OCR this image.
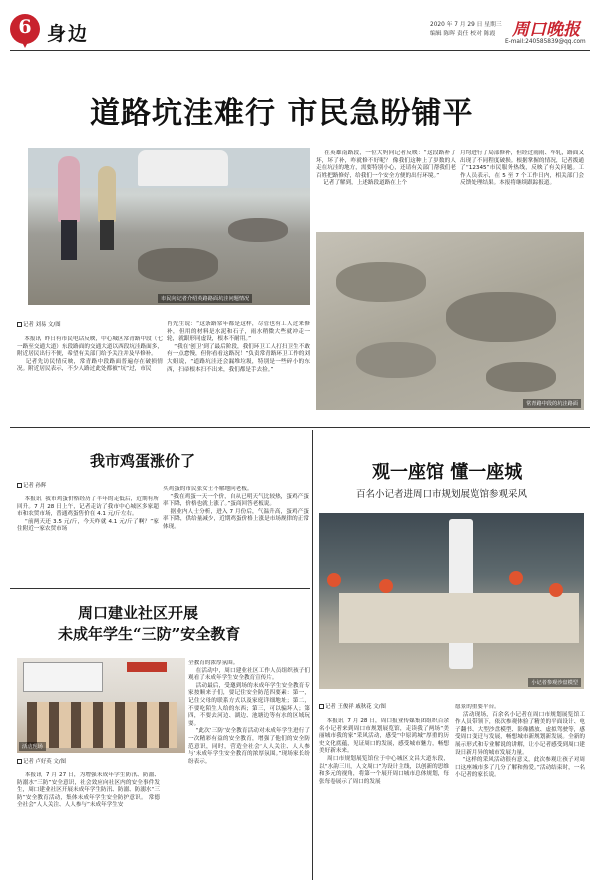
6 身边	2020 年 7 月 29 日 星期三
编辑 陈晖 责任 校对 陈霞
E-mail:240585839@qq.com
周口晚报
道路坑洼难行 市民急盼铺平
市民向记者介绍英路路面坑洼问题情况
常青路中段的坑洼路面
记者 刘易 文/图
本报讯  昨日有市民电话反映，中心城区常青路中段（七一路至交通大道）东段路面的交通大道以西段坑洼路面多，附近居民出行不便，希望有关部门给予关注并及早修补。
记者先访民情反映，常青路中段路面普遍存在破损情况。附近居民表示，不少人路过此处都被“坑”过，市民
肖先生说：“这条路常年都是这样，尽管也有工人过来修补，但用的材料是水泥和石子，雨水稍微大些就冲走一轮，就跟形同虚设，根本不耐用。”
“我在‘创卫’到了最后阶段，我们环卫工人打扫卫生不敢有一点怠慢，但你看看这路况！”负责常青路环卫工作的刘大姐说，“道路坑洼还会漏堆垃圾，特别是一些碎小的东西，扫帚根本扫不出来，我们都是手去捡。”
在英雄南路段，一位大妈向记者反映：“这段路补了坏，坏了补，咋就修不好呢？ 像我们这种上了岁数的人走在坑洼的地方，需要特别小心，还请有关部门帮我们老百姓把路修好，给我们一个安全方便的出行环境。”
记者了解到，上述路段道路在上个
月均进行了局部修补，但经过雨雨、车轧，路面又出现了不同程度破损。根据掌握的情况，记者拨通了“12345”市民服务热线，反映了有关问题。工作人员表示，在 5 至 7 个工作日内，相关部门会反馈处理结果。本报将继续跟踪报道。
我市鸡蛋涨价了
记者 孙辉
本报讯  我市鸡蛋价格经历了半年的走低后，近期有所回升。7 月 28 日上午，记者走访了我市中心城区多家超市和农贸市场，普通鸡蛋售价在 4.1 元/斤左右。
“前两天还 3.5 元/斤，今天咋就 4.1 元/斤了啊？”家住附近一家农贸市场
买鸡蛋的市民张女士不解地问老板。
“我在鸡蛋一天一个价，自从已明天气比较热，蛋鸡产蛋率下降，价格也就上涨了。”蛋商回答老板说。
据业内人士分析，进入 7 月份后，气温升高，蛋鸡产蛋率下降，供给量减少，近期鸡蛋价格上涨是市场规律的正常体现。
周口建业社区开展
未成年学生“三防”安全教育
活动现场
记者 卢好英 文/图
本报讯  7 月 27 日，为增强未成年学生防汛、防溺、防溺水“三防”安全意识，社会效应向社区内的安全事件发生，周口建业社区开展未成年学生防汛、防溺、防溺水“三防”安全教育活动，集体未成年学生安全防护意识。 常德全社会“人人关注、人人参与”未成年学生安
全教育的浓厚氛围。
在活动中，周口建业社区工作人员组织孩子们观看了未成年学生安全教育宣传片。
活动最后，受邀到场的未成年学生安全教育专家按顺来子们，要记住安全防范四要素：第一，记住父母的联系方式以及家庭详细地址；第二，不要吃陌生人给的东西；第三，可以骗坏人；第四，不要去河边、湖边、池塘边等有水的区域玩耍。
“此次‘三防’安全教育活动对未成年学生进行了一次精彩有益的安全教育，增强了他们的安全防范意识，同时，营造全社会‘人人关注、人人参与’未成年学生安全教育的浓厚氛围。”现场家长纷纷表示。
观一座馆 懂一座城
百名小记者进周口市规划展览馆参观采风
小记者参观沙盘模型
记者 王俊祥 戚秋花 文/图
本报讯  7 月 28 日，周口报业传媒集团组织百余名小记者来到周口市规划展览馆，走读我了两场“美丽城市我的家”采风活动，感受“中原鸿城”厚重的历史文化底蕴，见证周口的发展，感受城市魅力，畅想美好新未来。
周口市规划展览馆位于中心城区文昌大道东段，以“水韵三川，人文周口”为设计主线，以创新的思维和多元的视角，将第一个展开周口城市总体规划，每张每卷展示了周口的发展
愿景的重要平台。
活动现场，百余名小记者在周口市规划展览馆工作人员带领下，依次参观体验了精美的平面设计、电子翻书、大型沙盘模型、影像播放、虚拟驾驶等，感受周口变迁与发展，畅想城市新规划新发展。全新的展示形式和专业解说的讲解，让小记者感受到周口建设日新月异的城市发展力量。
“这样的采风活动很有意义，此次参观让孩子对周口这座城市多了几分了解和热爱。”活动结束时，一名小记者的家长说。
